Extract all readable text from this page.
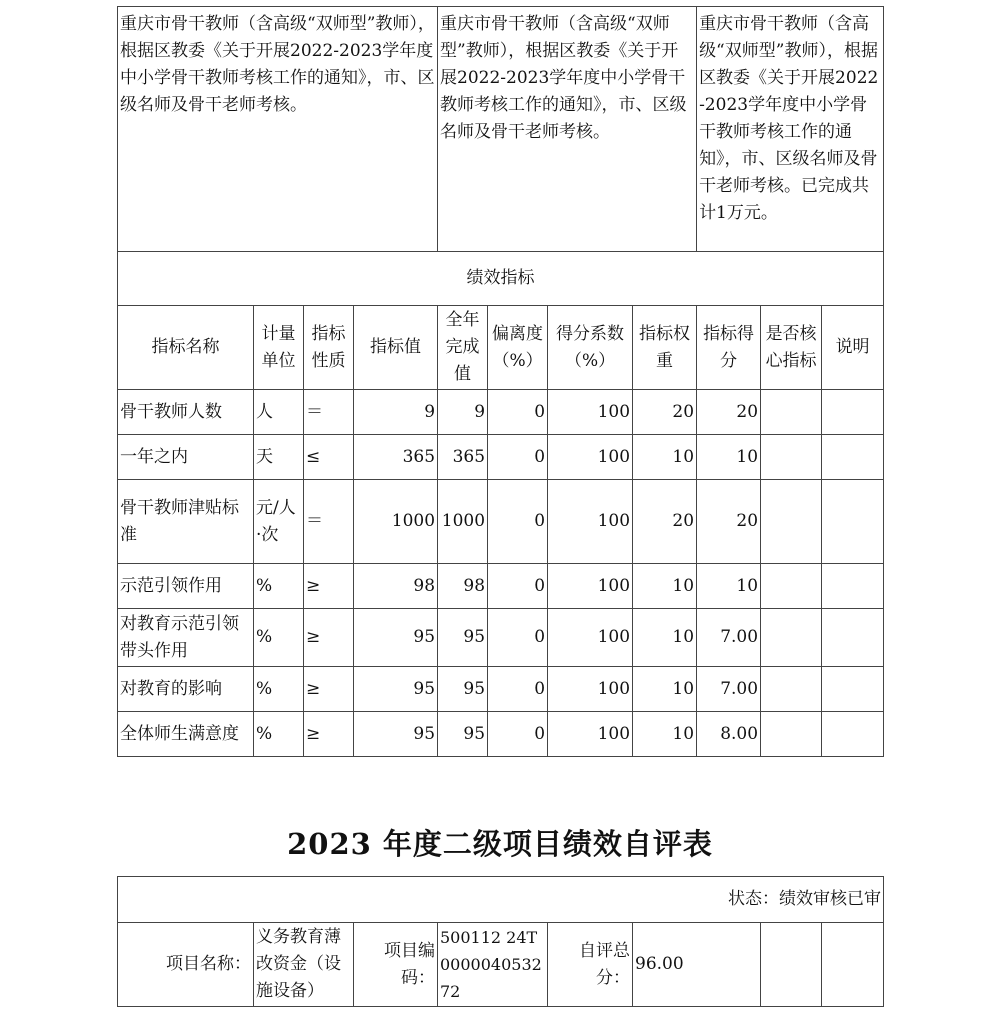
重庆市骨干教师（含高级“双师型”教师），根据区教委《关于开展2022-2023学年度中小学骨干教师考核工作的通知》，市、区级名师及骨干老师考核。				重庆市骨干教师（含高级“双师型”教师），根据区教委《关于开展2022-2023学年度中小学骨干教师考核工作的通知》，市、区级名师及骨干老师考核。				重庆市骨干教师（含高级“双师型”教师），根据区教委《关于开展2022-2023学年度中小学骨干教师考核工作的通知》，市、区级名师及骨干老师考核。已完成共计1万元。		
绩效指标										
指标名称	计量单位	指标性质	指标值	全年完成值	偏离度（%）	得分系数（%）	指标权重	指标得分	是否核心指标	说明
骨干教师人数	人	＝	9	9	0	100	20	20		
一年之内	天	≤	365	365	0	100	10	10		
骨干教师津贴标准	元/人·次	＝	1000	1000	0	100	20	20		
示范引领作用	%	≥	98	98	0	100	10	10		
对教育示范引领带头作用	%	≥	95	95	0	100	10	7.00		
对教育的影响	%	≥	95	95	0	100	10	7.00		
全体师生满意度	%	≥	95	95	0	100	10	8.00		
2023 年度二级项目绩效自评表
状态：绩效审核已审
项目名称：	义务教育薄改资金（设施设备）	项目编码：	500112 24T000004053272	自评总分：	96.00		
